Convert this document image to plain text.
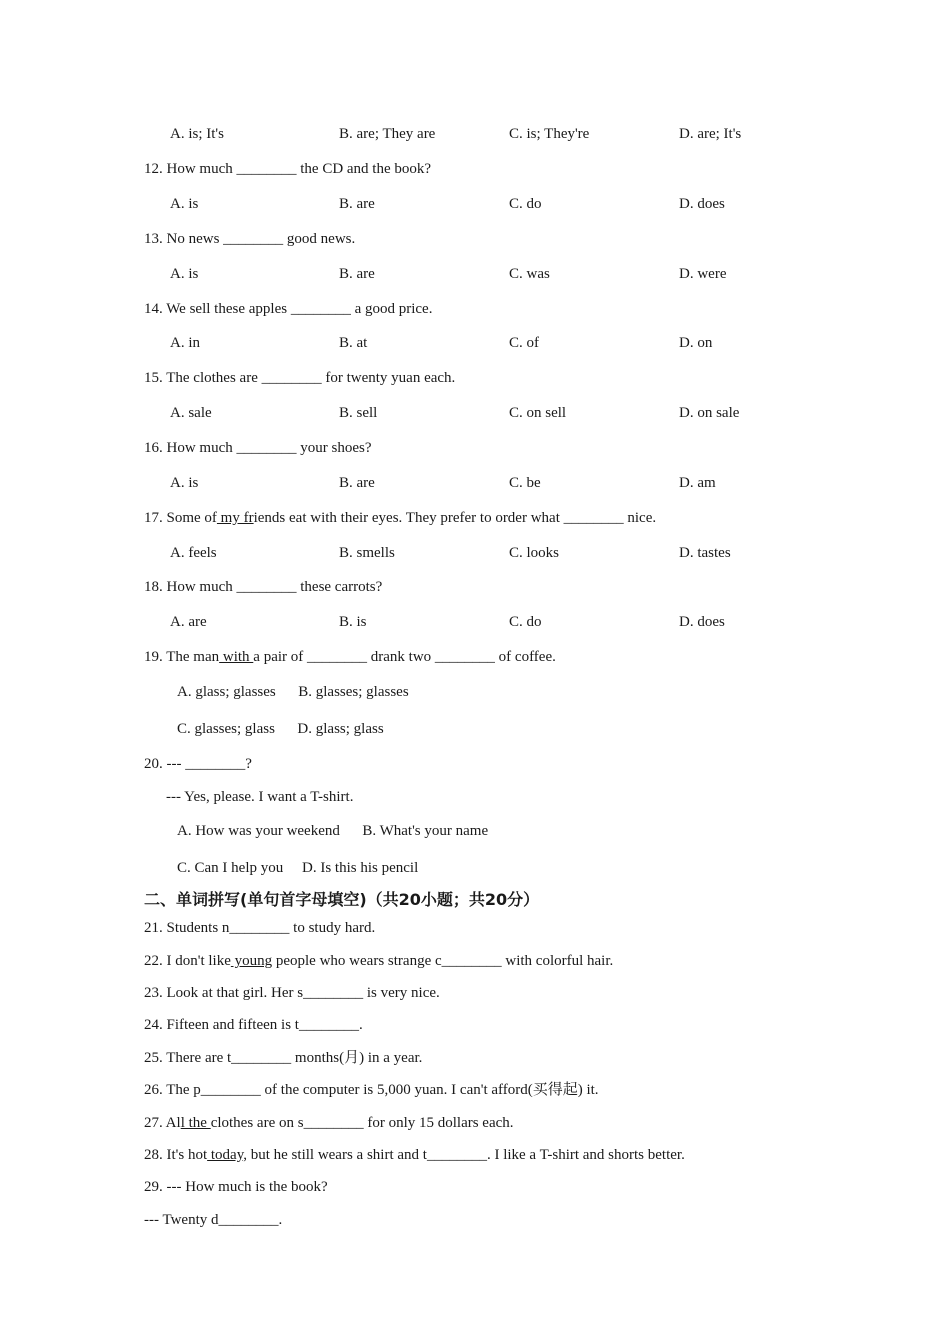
A. is; It's	B. are; They are	C. is; They're	D. are; It's
12. How much ________ the CD and the book?
A. is	B. are	C. do	D. does
13. No news ________ good news.
A. is	B. are	C. was	D. were
14. We sell these apples ________ a good price.
A. in	B. at	C. of	D. on
15. The clothes are ________ for twenty yuan each.
A. sale	B. sell	C. on sell	D. on sale
16. How much ________ your shoes?
A. is	B. are	C. be	D. am
17. Some of my friends eat with their eyes. They prefer to order what ________ nice.
A. feels	B. smells	C. looks	D. tastes
18. How much ________ these carrots?
A. are	B. is	C. do	D. does
19. The man with a pair of ________ drank two ________ of coffee.
A. glass; glasses      B. glasses; glasses
C. glasses; glass      D. glass; glass
20. --- ________?
--- Yes, please. I want a T-shirt.
A. How was your weekend      B. What's your name
C. Can I help you     D. Is this his pencil
二、单词拼写(单句首字母填空)（共20小题；共20分）
21. Students n________ to study hard.
22. I don't like young people who wears strange c________ with colorful hair.
23. Look at that girl. Her s________ is very nice.
24. Fifteen and fifteen is t________.
25. There are t________ months(月) in a year.
26. The p________ of the computer is 5,000 yuan. I can't afford(买得起) it.
27. All the clothes are on s________ for only 15 dollars each.
28. It's hot today, but he still wears a shirt and t________. I like a T-shirt and shorts better.
29. --- How much is the book?
--- Twenty d________.
